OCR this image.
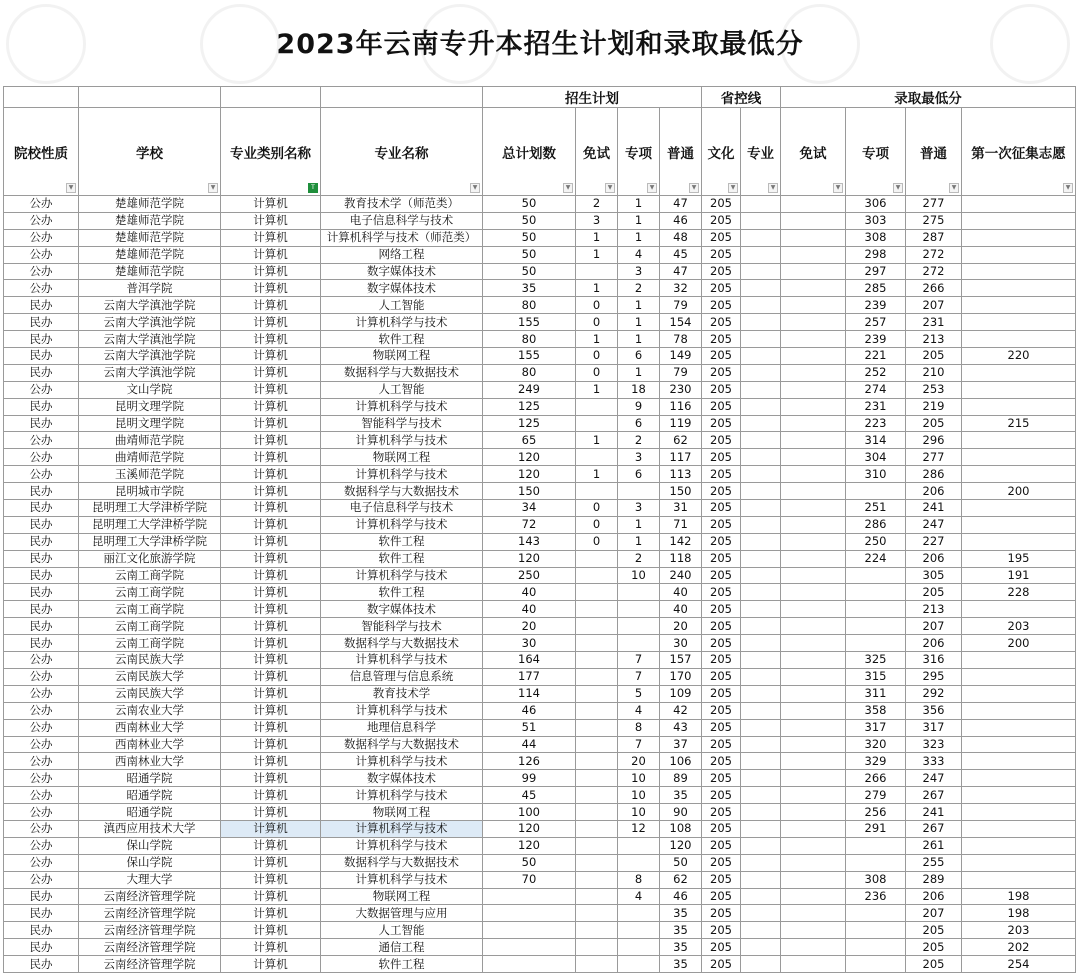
2023年云南专升本招生计划和录取最低分
				招生计划				省控线		录取最低分			
院校性质
▼	学校
▼	专业类别名称
T	专业名称
▼	总计划数
▼	免试
▼	专项
▼	普通
▼	文化
▼	专业
▼	免试
▼	专项
▼	普通
▼	第一次征集志愿
▼

公办	楚雄师范学院	计算机	教育技术学（师范类）	50	2	1	47	205			306	277	
公办	楚雄师范学院	计算机	电子信息科学与技术	50	3	1	46	205			303	275	
公办	楚雄师范学院	计算机	计算机科学与技术（师范类）	50	1	1	48	205			308	287	
公办	楚雄师范学院	计算机	网络工程	50	1	4	45	205			298	272	
公办	楚雄师范学院	计算机	数字媒体技术	50		3	47	205			297	272	
公办	普洱学院	计算机	数字媒体技术	35	1	2	32	205			285	266	
民办	云南大学滇池学院	计算机	人工智能	80	0	1	79	205			239	207	
民办	云南大学滇池学院	计算机	计算机科学与技术	155	0	1	154	205			257	231	
民办	云南大学滇池学院	计算机	软件工程	80	1	1	78	205			239	213	
民办	云南大学滇池学院	计算机	物联网工程	155	0	6	149	205			221	205	220
民办	云南大学滇池学院	计算机	数据科学与大数据技术	80	0	1	79	205			252	210	
公办	文山学院	计算机	人工智能	249	1	18	230	205			274	253	
民办	昆明文理学院	计算机	计算机科学与技术	125		9	116	205			231	219	
民办	昆明文理学院	计算机	智能科学与技术	125		6	119	205			223	205	215
公办	曲靖师范学院	计算机	计算机科学与技术	65	1	2	62	205			314	296	
公办	曲靖师范学院	计算机	物联网工程	120		3	117	205			304	277	
公办	玉溪师范学院	计算机	计算机科学与技术	120	1	6	113	205			310	286	
民办	昆明城市学院	计算机	数据科学与大数据技术	150			150	205				206	200
民办	昆明理工大学津桥学院	计算机	电子信息科学与技术	34	0	3	31	205			251	241	
民办	昆明理工大学津桥学院	计算机	计算机科学与技术	72	0	1	71	205			286	247	
民办	昆明理工大学津桥学院	计算机	软件工程	143	0	1	142	205			250	227	
民办	丽江文化旅游学院	计算机	软件工程	120		2	118	205			224	206	195
民办	云南工商学院	计算机	计算机科学与技术	250		10	240	205				305	191
民办	云南工商学院	计算机	软件工程	40			40	205				205	228
民办	云南工商学院	计算机	数字媒体技术	40			40	205				213	
民办	云南工商学院	计算机	智能科学与技术	20			20	205				207	203
民办	云南工商学院	计算机	数据科学与大数据技术	30			30	205				206	200
公办	云南民族大学	计算机	计算机科学与技术	164		7	157	205			325	316	
公办	云南民族大学	计算机	信息管理与信息系统	177		7	170	205			315	295	
公办	云南民族大学	计算机	教育技术学	114		5	109	205			311	292	
公办	云南农业大学	计算机	计算机科学与技术	46		4	42	205			358	356	
公办	西南林业大学	计算机	地理信息科学	51		8	43	205			317	317	
公办	西南林业大学	计算机	数据科学与大数据技术	44		7	37	205			320	323	
公办	西南林业大学	计算机	计算机科学与技术	126		20	106	205			329	333	
公办	昭通学院	计算机	数字媒体技术	99		10	89	205			266	247	
公办	昭通学院	计算机	计算机科学与技术	45		10	35	205			279	267	
公办	昭通学院	计算机	物联网工程	100		10	90	205			256	241	
公办	滇西应用技术大学	计算机	计算机科学与技术	120		12	108	205			291	267	
公办	保山学院	计算机	计算机科学与技术	120			120	205				261	
公办	保山学院	计算机	数据科学与大数据技术	50			50	205				255	
公办	大理大学	计算机	计算机科学与技术	70		8	62	205			308	289	
民办	云南经济管理学院	计算机	物联网工程			4	46	205			236	206	198
民办	云南经济管理学院	计算机	大数据管理与应用				35	205				207	198
民办	云南经济管理学院	计算机	人工智能				35	205				205	203
民办	云南经济管理学院	计算机	通信工程				35	205				205	202
民办	云南经济管理学院	计算机	软件工程				35	205				205	254
